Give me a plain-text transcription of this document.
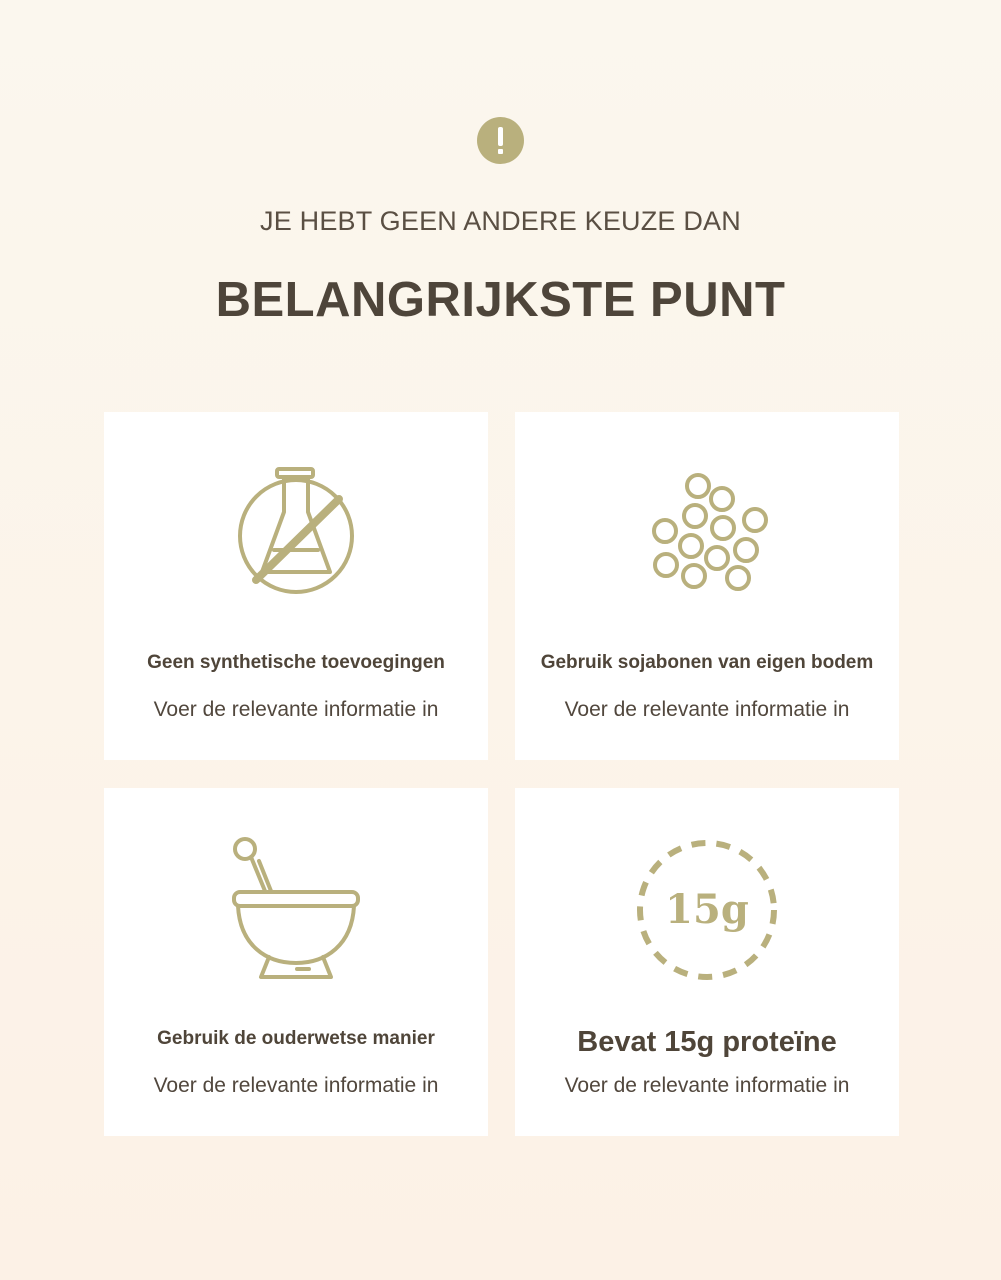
JE HEBT GEEN ANDERE KEUZE DAN
BELANGRIJKSTE PUNT
Geen synthetische toevoegingen
Voer de relevante informatie in
Gebruik sojabonen van eigen bodem
Voer de relevante informatie in
Gebruik de ouderwetse manier
Voer de relevante informatie in
15g
Bevat 15g proteïne
Voer de relevante informatie in
